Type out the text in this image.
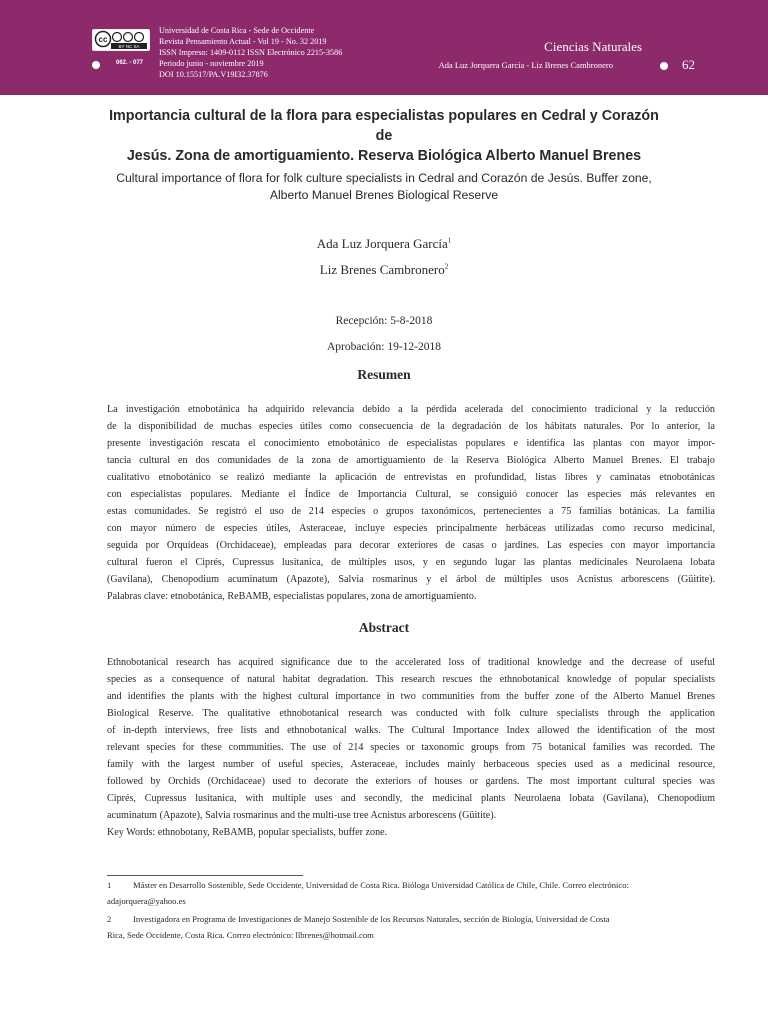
cc
BY NC SA
062. - 077
Universidad de Costa Rica - Sede de Occidente
Revista Pensamiento Actual - Vol 19 - No. 32 2019
ISSN Impreso: 1409-0112 ISSN Electrónico 2215-3586
Periodo junio - noviembre 2019
DOI 10.15517/PA.V19I32.37876
Ciencias Naturales
Ada Luz Jorquera García - Liz Brenes Cambronero	62
Importancia cultural de la flora para especialistas populares en Cedral y Corazón de
Jesús. Zona de amortiguamiento. Reserva Biológica Alberto Manuel Brenes
Cultural importance of flora for folk culture specialists in Cedral and Corazón de Jesús. Buffer zone,
Alberto Manuel Brenes Biological Reserve
Ada Luz Jorquera García$^1$
Liz Brenes Cambronero$^2$
Recepción: 5-8-2018
Aprobación: 19-12-2018
Resumen
La investigación etnobotánica ha adquirido relevancia debido a la pérdida acelerada del conocimiento tradicional y la reducción
de la disponibilidad de muchas especies útiles como consecuencia de la degradación de los hábitats naturales. Por lo anterior, la
presente investigación rescata el conocimiento etnobotánico de especialistas populares e identifica las plantas con mayor impor-
tancia cultural en dos comunidades de la zona de amortiguamiento de la Reserva Biológica Alberto Manuel Brenes. El trabajo
cualitativo etnobotánico se realizó mediante la aplicación de entrevistas en profundidad, listas libres y caminatas etnobotánicas
con especialistas populares. Mediante el Índice de Importancia Cultural, se consiguió conocer las especies más relevantes en
estas comunidades. Se registró el uso de 214 especies o grupos taxonómicos, pertenecientes a 75 familias botánicas. La familia
con mayor número de especies útiles, Asteraceae, incluye especies principalmente herbáceas utilizadas como recurso medicinal,
seguida por Orquídeas (Orchidaceae), empleadas para decorar exteriores de casas o jardines. Las especies con mayor importancia
cultural fueron el Ciprés, Cupressus lusitanica, de múltiples usos, y en segundo lugar las plantas medicinales Neurolaena lobata
(Gavilana), Chenopodium acuminatum (Apazote), Salvia rosmarinus y el árbol de múltiples usos Acnistus arborescens (Güitite).
Palabras clave: etnobotánica, ReBAMB, especialistas populares, zona de amortiguamiento.
Abstract
Ethnobotanical research has acquired significance due to the accelerated loss of traditional knowledge and the decrease of useful
species as a consequence of natural habitat degradation. This research rescues the ethnobotanical knowledge of popular specialists
and identifies the plants with the highest cultural importance in two communities from the buffer zone of the Alberto Manuel Brenes
Biological Reserve. The qualitative ethnobotanical research was conducted with folk culture specialists through the application
of in-depth interviews, free lists and ethnobotanical walks. The Cultural Importance Index allowed the identification of the most
relevant species for these communities. The use of 214 species or taxonomic groups from 75 botanical families was recorded. The
family with the largest number of useful species, Asteraceae, includes mainly herbaceous species used as a medicinal resource,
followed by Orchids (Orchidaceae) used to decorate the exteriors of houses or gardens. The most important cultural species was
Ciprés, Cupressus lusitanica, with multiple uses and secondly, the medicinal plants Neurolaena lobata (Gavilana), Chenopodium
acuminatum (Apazote), Salvia rosmarinus and the multi-use tree Acnistus arborescens (Güitite).
Key Words: ethnobotany, ReBAMB, popular specialists, buffer zone.
1	Máster en Desarrollo Sostenible, Sede Occidente, Universidad de Costa Rica. Bióloga Universidad Católica de Chile, Chile. Correo electrónico:
adajorquera@yahoo.es
2	Investigadora en Programa de Investigaciones de Manejo Sostenible de los Recursos Naturales, sección de Biología, Universidad de Costa
Rica, Sede Occidente, Costa Rica. Correo electrónico: llbrenes@hotmail.com
